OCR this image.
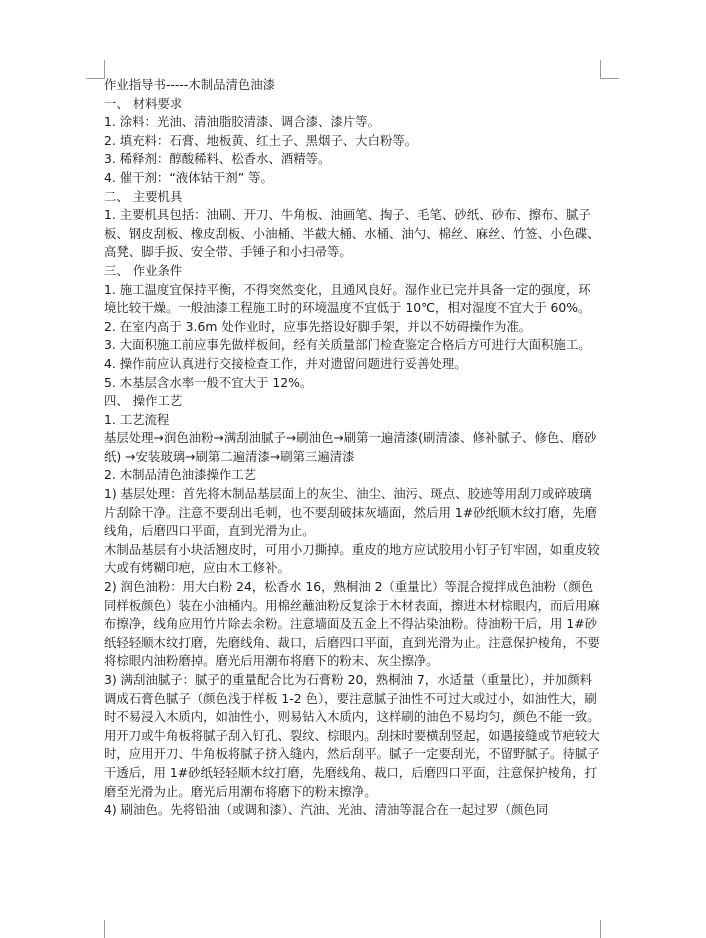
作业指导书-----木制品清色油漆

一、 材料要求

1. 涂料：光油、清油脂胶清漆、调合漆、漆片等。

2. 填充料：石膏、地板黄、红土子、黑烟子、大白粉等。

3. 稀释剂：醇酸稀料、松香水、酒精等。

4. 催干剂：“液体钴干剂” 等。

二、 主要机具

1. 主要机具包括：油刷、开刀、牛角板、油画笔、掏子、毛笔、砂纸、砂布、擦布、腻子板、钢皮刮板、橡皮刮板、小油桶、半截大桶、水桶、油勺、棉丝、麻丝、竹签、小色碟、高凳、脚手扳、安全带、手锤子和小扫帚等。

三、 作业条件

1. 施工温度宜保持平衡，不得突然变化，且通风良好。湿作业已完并具备一定的强度，环境比较干燥。一般油漆工程施工时的环境温度不宜低于 10℃，相对湿度不宜大于 60%。

2. 在室内高于 3.6m 处作业时，应事先搭设好脚手架，并以不妨碍操作为准。

3. 大面积施工前应事先做样板间，经有关质量部门检查鉴定合格后方可进行大面积施工。

4. 操作前应认真进行交接检查工作，并对遗留问题进行妥善处理。

5. 木基层含水率一般不宜大于 12%。

四、 操作工艺

1. 工艺流程

基层处理→润色油粉→满刮油腻子→刷油色→刷第一遍清漆(刷清漆、修补腻子、修色、磨砂纸) →安装玻璃→刷第二遍清漆→刷第三遍清漆

2. 木制品清色油漆操作工艺

1) 基层处理：首先将木制品基层面上的灰尘、油尘、油污、斑点、胶迹等用刮刀或碎玻璃片刮除干净。注意不要刮出毛刺，也不要刮破抹灰墙面，然后用 1#砂纸顺木纹打磨，先磨线角，后磨四口平面，直到光滑为止。

木制品基层有小块活翘皮时，可用小刀撕掉。重皮的地方应试胶用小钉子钉牢固，如重皮较大或有烤糊印疤，应由木工修补。

2) 润色油粉：用大白粉 24，松香水 16，熟桐油 2（重量比）等混合搅拌成色油粉（颜色同样板颜色）装在小油桶内。用棉丝蘸油粉反复涂于木材表面，擦进木材棕眼内，而后用麻布擦净，线角应用竹片除去余粉。注意墙面及五金上不得沾染油粉。待油粉干后，用 1#砂纸轻轻顺木纹打磨，先磨线角、裁口，后磨四口平面，直到光滑为止。注意保护棱角，不要将棕眼内油粉磨掉。磨光后用潮布将磨下的粉末、灰尘擦净。

3) 满刮油腻子：腻子的重量配合比为石膏粉 20，熟桐油 7，水适量（重量比），并加颜料调成石膏色腻子（颜色浅于样板 1-2 色），要注意腻子油性不可过大或过小，如油性大，刷时不易浸入木质内，如油性小，则易钻入木质内，这样刷的油色不易均匀，颜色不能一致。用开刀或牛角板将腻子刮入钉孔、裂纹、棕眼内。刮抹时要横刮竖起，如遇接缝或节疤较大时，应用开刀、牛角板将腻子挤入缝内，然后刮平。腻子一定要刮光，不留野腻子。待腻子干透后，用 1#砂纸轻轻顺木纹打磨，先磨线角、裁口，后磨四口平面，注意保护棱角，打磨至光滑为止。磨光后用潮布将磨下的粉末擦净。

4) 刷油色。先将铅油（或调和漆）、汽油、光油、清油等混合在一起过罗（颜色同
